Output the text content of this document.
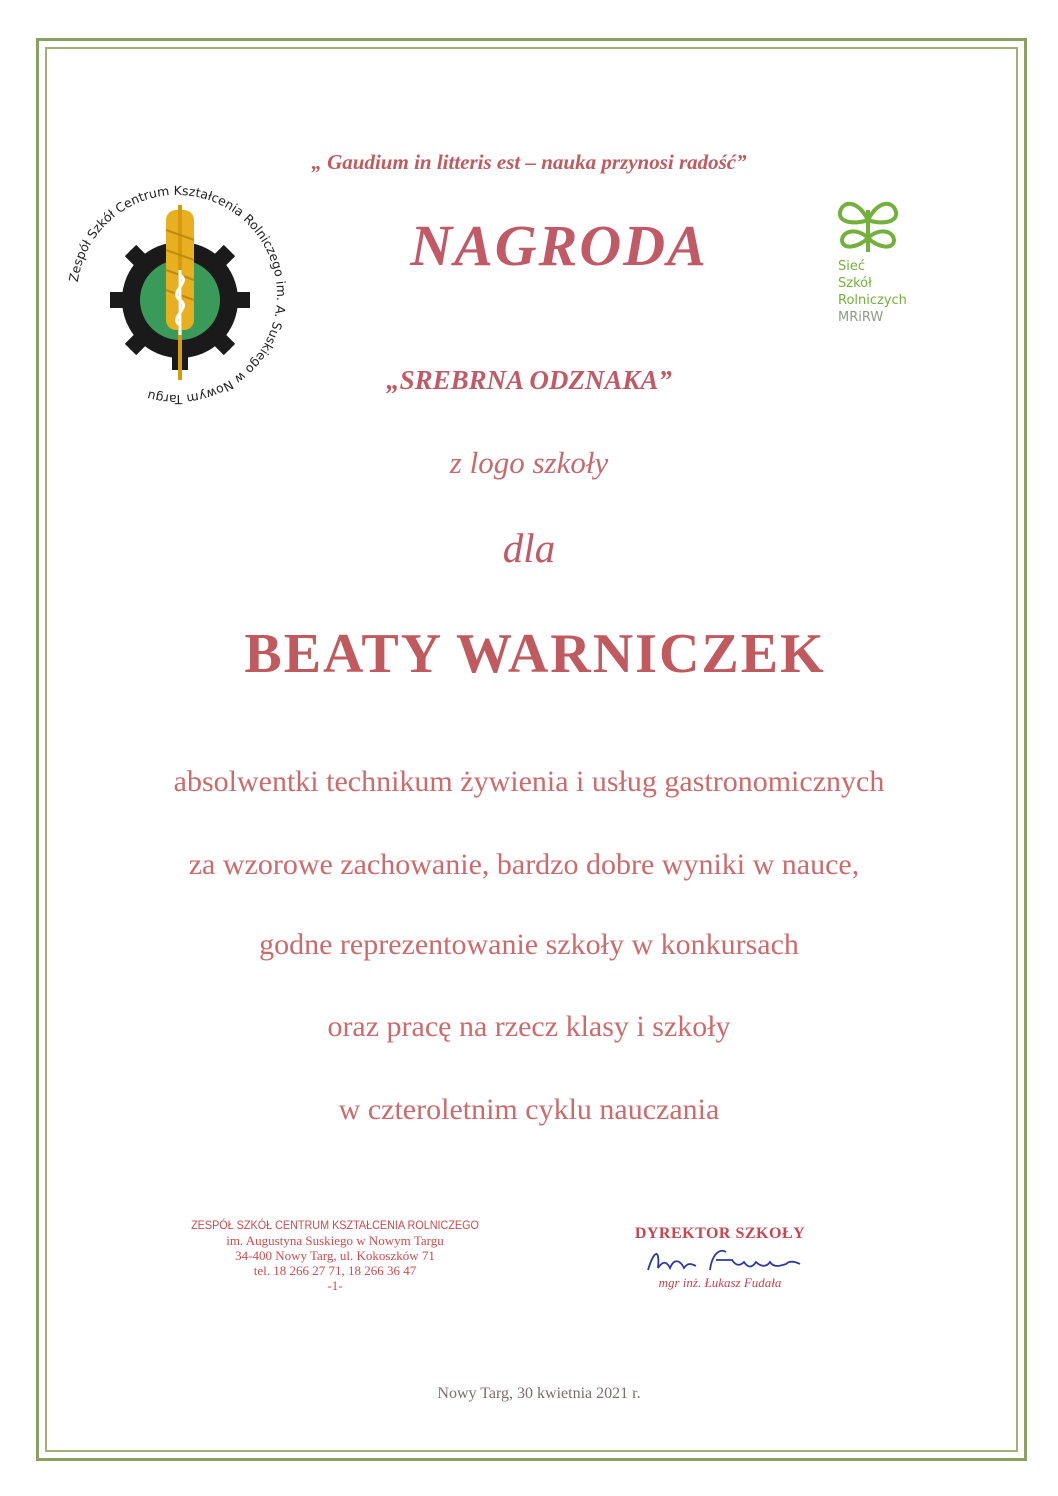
Zespół Szkół Centrum Kształcenia Rolniczego im. A. Suskiego w Nowym Targu
Sieć
Szkół
Rolniczych
MRiRW
„ Gaudium in litteris est – nauka przynosi radość”
NAGRODA
„SREBRNA ODZNAKA”
z logo szkoły
dla
BEATY WARNICZEK
absolwentki technikum żywienia i usług gastronomicznych
za wzorowe zachowanie, bardzo dobre wyniki w nauce,
godne reprezentowanie szkoły w konkursach
oraz pracę na rzecz klasy i szkoły
w czteroletnim cyklu nauczania
ZESPÓŁ SZKÓŁ CENTRUM KSZTAŁCENIA ROLNICZEGO
im. Augustyna Suskiego w Nowym Targu
34-400 Nowy Targ, ul. Kokoszków 71
tel. 18 266 27 71, 18 266 36 47
-1-
DYREKTOR SZKOŁY
mgr inż. Łukasz Fudała
Nowy Targ, 30 kwietnia 2021 r.
